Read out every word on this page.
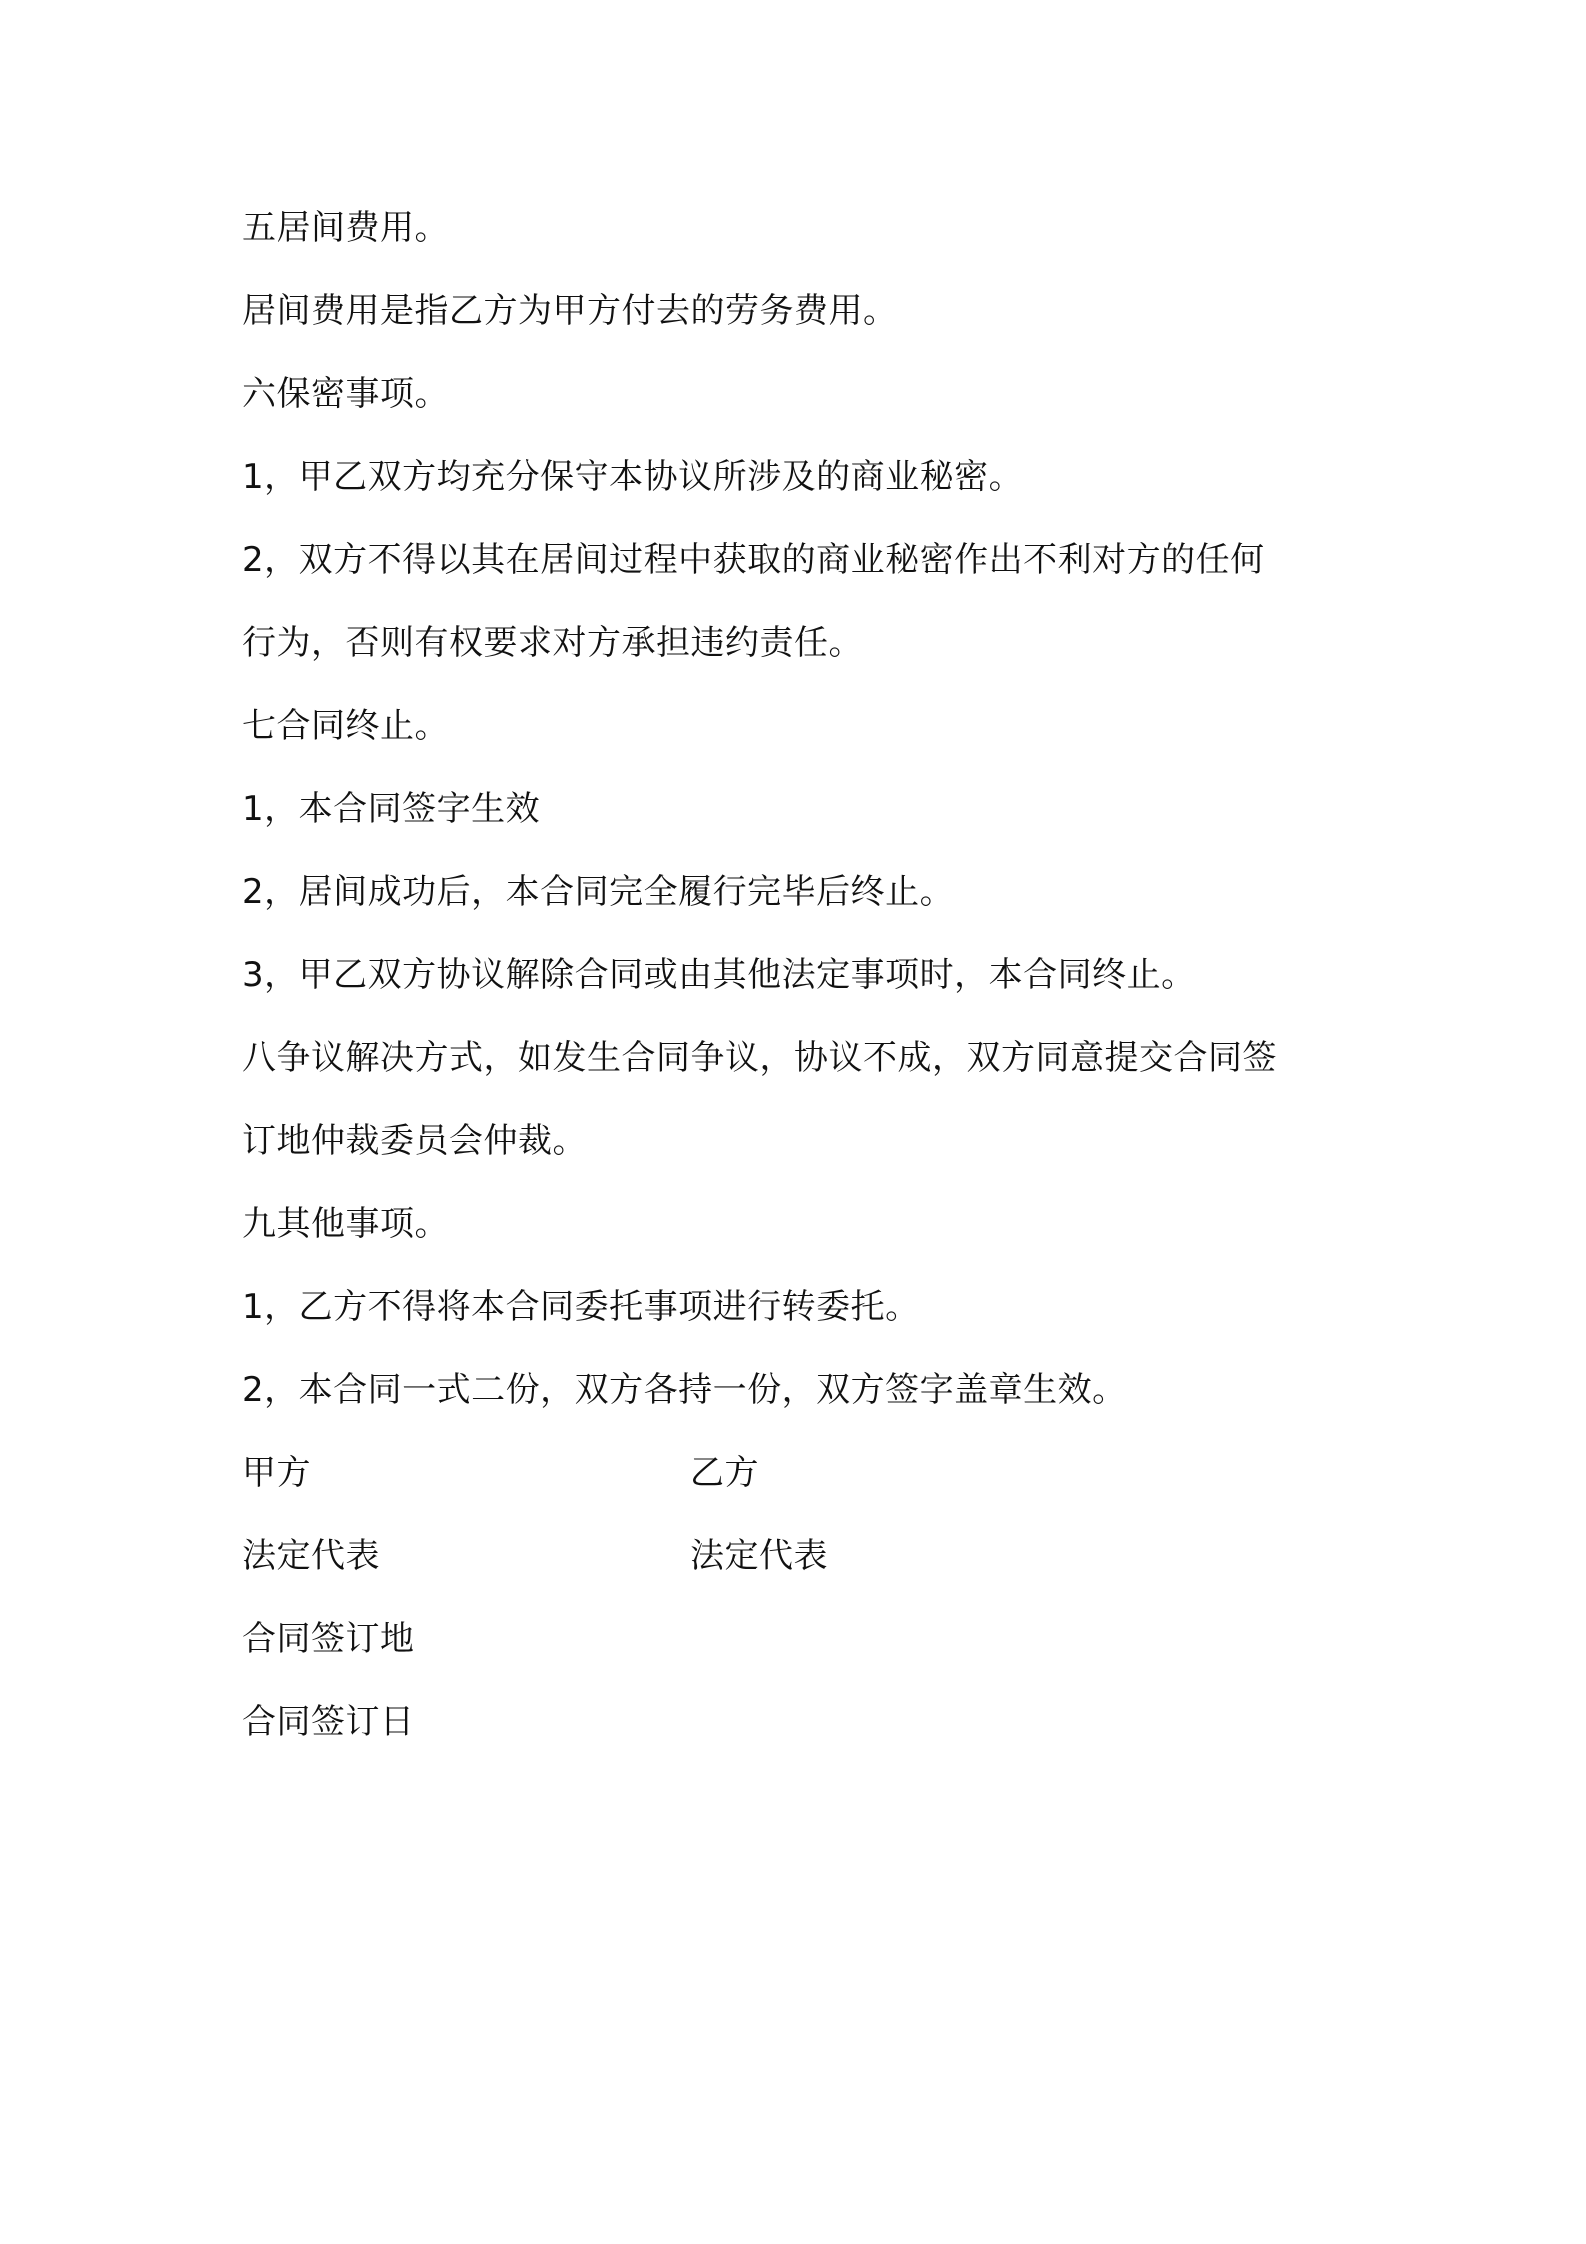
五居间费用。
居间费用是指乙方为甲方付去的劳务费用。
六保密事项。
1，甲乙双方均充分保守本协议所涉及的商业秘密。
2，双方不得以其在居间过程中获取的商业秘密作出不利对方的任何
行为，否则有权要求对方承担违约责任。
七合同终止。
1，本合同签字生效
2，居间成功后，本合同完全履行完毕后终止。
3，甲乙双方协议解除合同或由其他法定事项时，本合同终止。
八争议解决方式，如发生合同争议，协议不成，双方同意提交合同签
订地仲裁委员会仲裁。
九其他事项。
1，乙方不得将本合同委托事项进行转委托。
2，本合同一式二份，双方各持一份，双方签字盖章生效。
甲方	乙方
法定代表	法定代表
合同签订地
合同签订日
